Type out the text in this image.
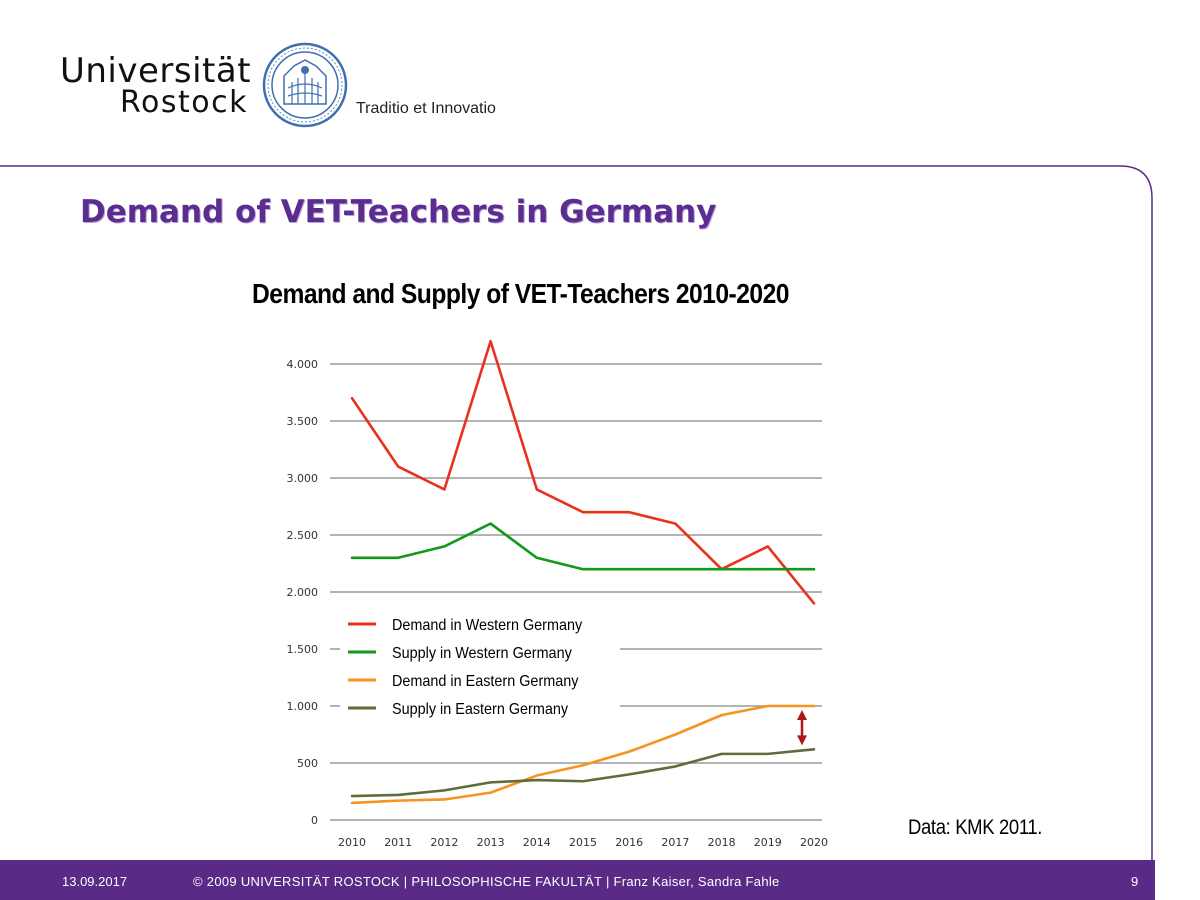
Universität
Rostock	Traditio et Innovatio
Demand of VET-Teachers in Germany
Demand and Supply of VET-Teachers 2010-2020
0
500
1.000
1.500
2.000
2.500
3.000
3.500
4.000
2010 2011 2012 2013 2014 2015 2016 2017 2018 2019 2020
Demand in Western Germany
Supply in Western Germany
Demand in Eastern Germany
Supply in Eastern Germany
Data: KMK 2011.
13.09.2017	© 2009 UNIVERSITÄT ROSTOCK | PHILOSOPHISCHE FAKULTÄT | Franz Kaiser, Sandra Fahle	9
